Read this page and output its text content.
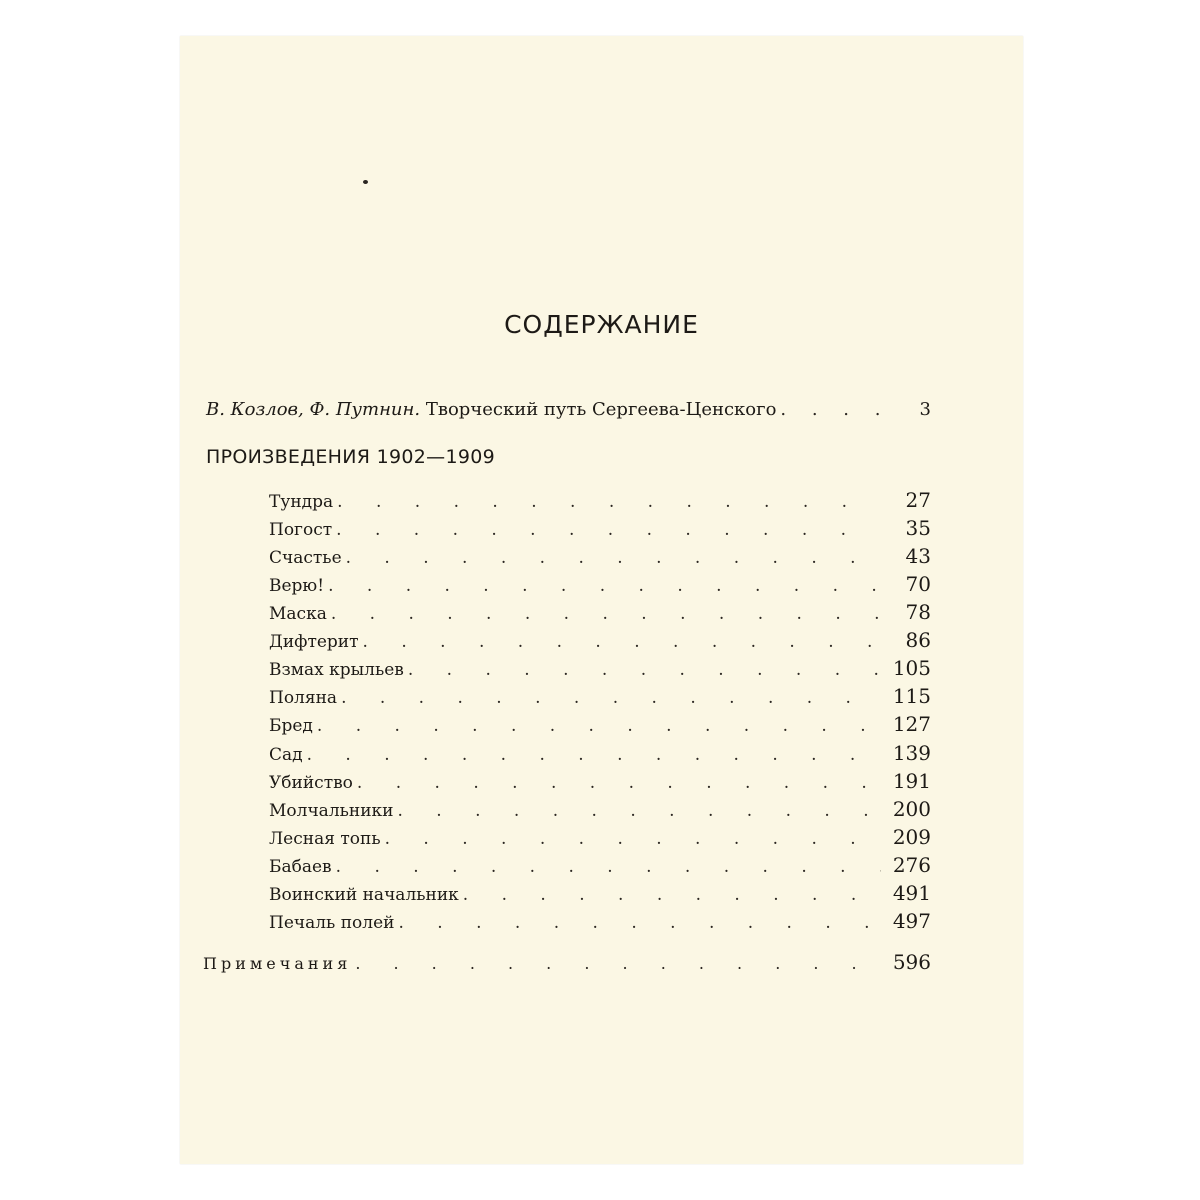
СОДЕРЖАНИЕ
В. Козлов, Ф. Путнин. Творческий путь Сергеева-Ценского . . .	3
ПРОИЗВЕДЕНИЯ 1902—1909
Тундра . . .	27
Погост . . .	35
Счастье . . .	43
Верю! . . .	70
Маска . . .	78
Дифтерит . . .	86
Взмах крыльев . . .	105
Поляна . . .	115
Бред . . .	127
Сад . . .	139
Убийство . . .	191
Молчальники . . .	200
Лесная топь . . .	209
Бабаев . . .	276
Воинский начальник . . .	491
Печаль полей . . .	497
Примечания . . .	596
